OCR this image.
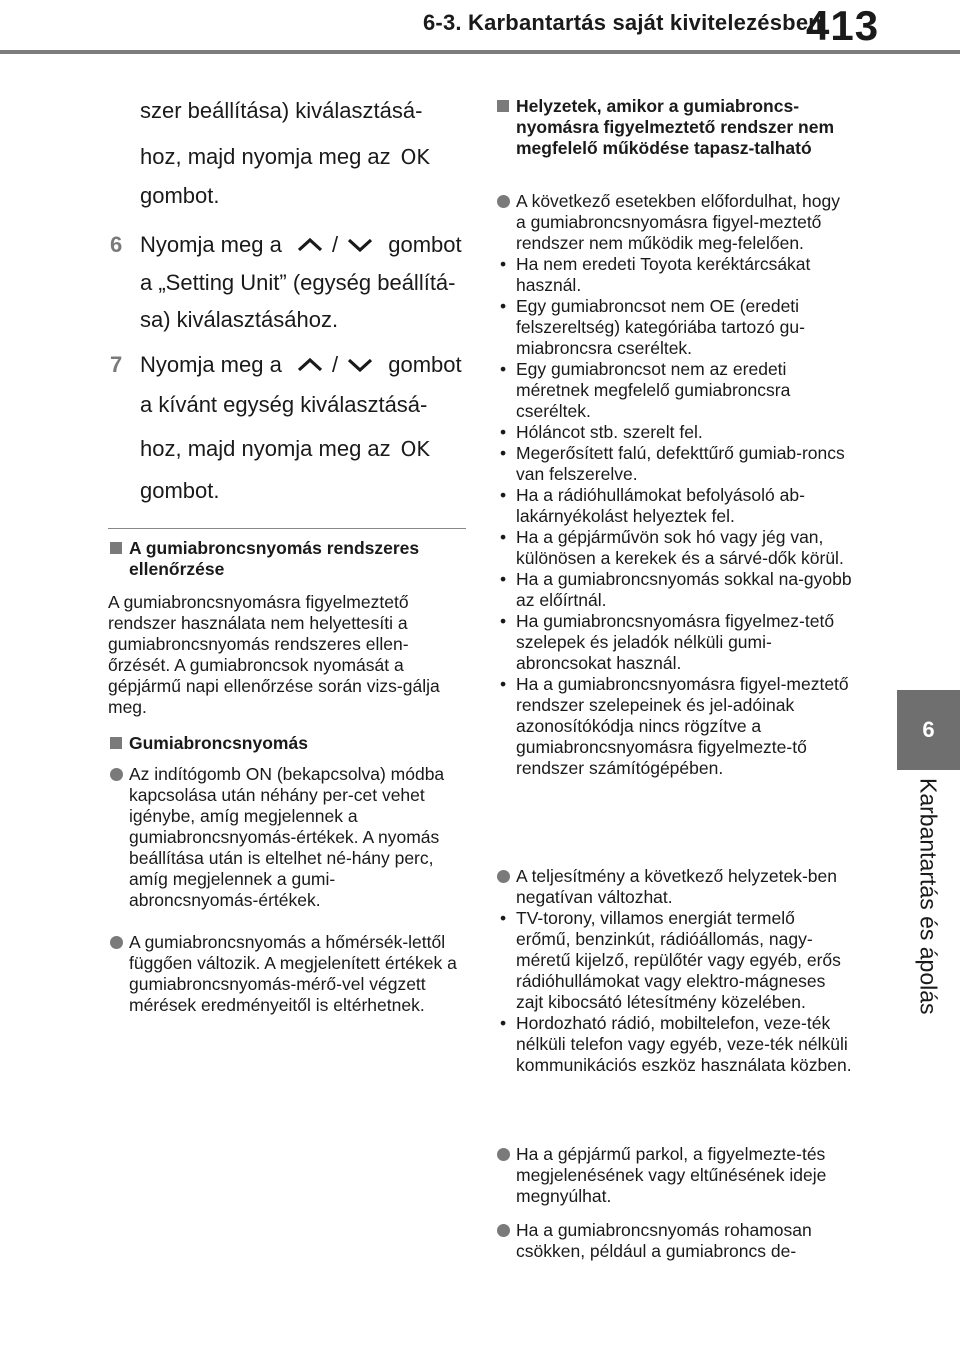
6-3. Karbantartás saját kivitelezésben
413
6
Karbantartás és ápolás
szer beállítása) kiválasztásá-
hoz, majd nyomja meg az OK
gombot.
6 Nyomja meg a / gombot
a „Setting Unit” (egység beállítá-
sa) kiválasztásához.
7 Nyomja meg a / gombot
a kívánt egység kiválasztásá-
hoz, majd nyomja meg az OK
gombot.
A gumiabroncsnyomás rendszeres ellenőrzése
A gumiabroncsnyomásra figyelmeztető rendszer használata nem helyettesíti a gumiabroncsnyomás rendszeres ellen-őrzését. A gumiabroncsok nyomását a gépjármű napi ellenőrzése során vizs-gálja meg.
Gumiabroncsnyomás
Az indítógomb ON (bekapcsolva) módba kapcsolása után néhány per-cet vehet igénybe, amíg megjelennek a gumiabroncsnyomás-értékek. A nyomás beállítása után is eltelhet né-hány perc, amíg megjelennek a gumi-abroncsnyomás-értékek.
A gumiabroncsnyomás a hőmérsék-lettől függően változik. A megjelenített értékek a gumiabroncsnyomás-mérő-vel végzett mérések eredményeitől is eltérhetnek.
Helyzetek, amikor a gumiabroncs-nyomásra figyelmeztető rendszer nem megfelelő működése tapasz-talható
A következő esetekben előfordulhat, hogy a gumiabroncsnyomásra figyel-meztető rendszer nem működik meg-felelően.
• Ha nem eredeti Toyota keréktárcsákat használ.
• Egy gumiabroncsot nem OE (eredeti felszereltség) kategóriába tartozó gu-miabroncsra cseréltek.
• Egy gumiabroncsot nem az eredeti méretnek megfelelő gumiabroncsra cseréltek.
• Hóláncot stb. szerelt fel.
• Megerősített falú, defekttűrő gumiab-roncs van felszerelve.
• Ha a rádióhullámokat befolyásoló ab-lakárnyékolást helyeztek fel.
• Ha a gépjárművön sok hó vagy jég van, különösen a kerekek és a sárvé-dők körül.
• Ha a gumiabroncsnyomás sokkal na-gyobb az előírtnál.
• Ha gumiabroncsnyomásra figyelmez-tető szelepek és jeladók nélküli gumi-abroncsokat használ.
• Ha a gumiabroncsnyomásra figyel-meztető rendszer szelepeinek és jel-adóinak azonosítókódja nincs rögzítve a gumiabroncsnyomásra figyelmezte-tő rendszer számítógépében.
A teljesítmény a következő helyzetek-ben negatívan változhat.
• TV-torony, villamos energiát termelő erőmű, benzinkút, rádióállomás, nagy-méretű kijelző, repülőtér vagy egyéb, erős rádióhullámokat vagy elektro-mágneses zajt kibocsátó létesítmény közelében.
• Hordozható rádió, mobiltelefon, veze-ték nélküli telefon vagy egyéb, veze-ték nélküli kommunikációs eszköz használata közben.
Ha a gépjármű parkol, a figyelmezte-tés megjelenésének vagy eltűnésének ideje megnyúlhat.
Ha a gumiabroncsnyomás rohamosan csökken, például a gumiabroncs de-
